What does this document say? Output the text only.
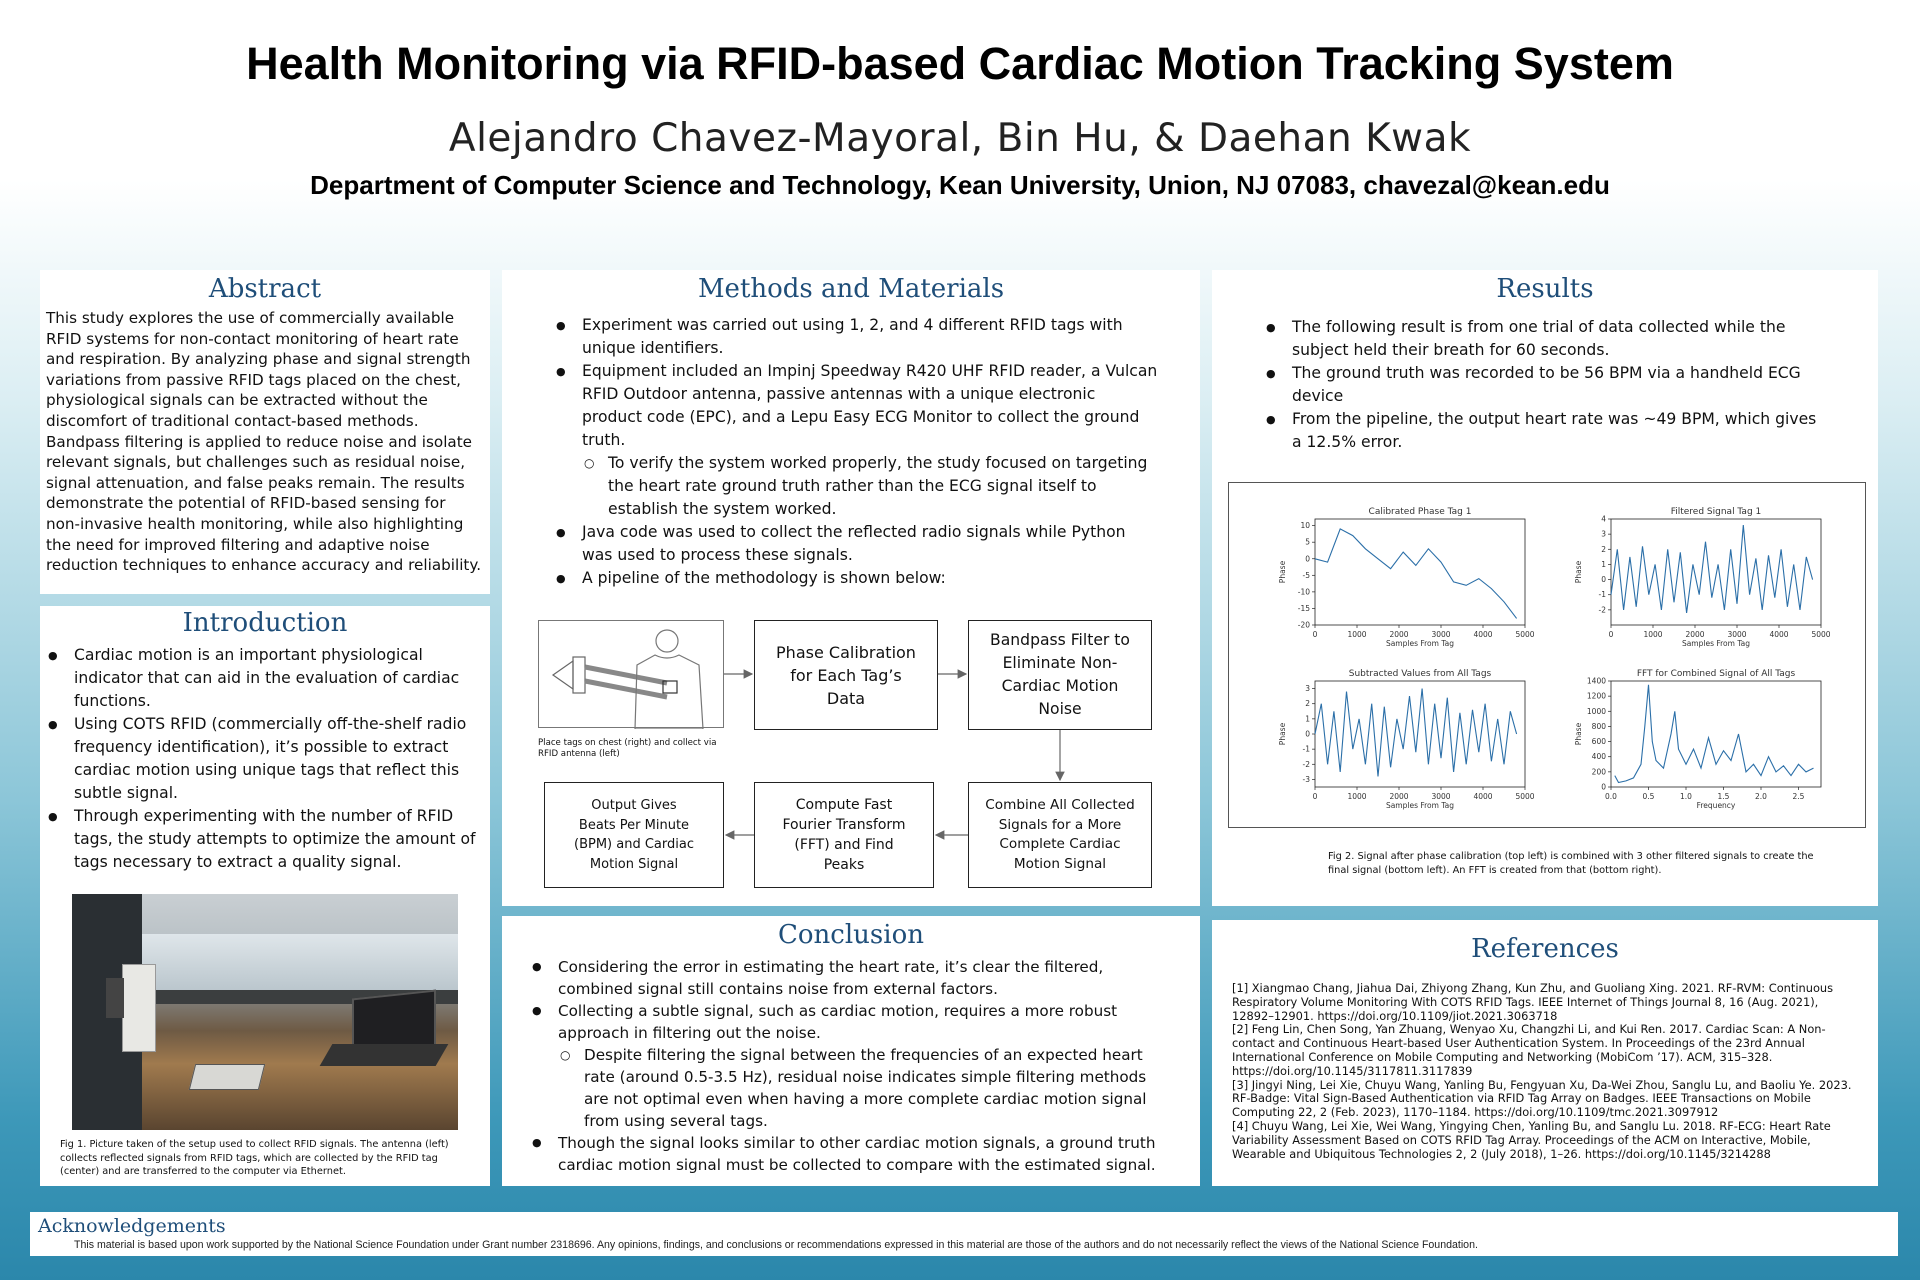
Health Monitoring via RFID-based Cardiac Motion Tracking System
Alejandro Chavez-Mayoral, Bin Hu, & Daehan Kwak
Department of Computer Science and Technology, Kean University, Union, NJ 07083, chavezal@kean.edu
Abstract
This study explores the use of commercially available RFID systems for non-contact monitoring of heart rate and respiration. By analyzing phase and signal strength variations from passive RFID tags placed on the chest, physiological signals can be extracted without the discomfort of traditional contact-based methods. Bandpass filtering is applied to reduce noise and isolate relevant signals, but challenges such as residual noise, signal attenuation, and false peaks remain. The results demonstrate the potential of RFID-based sensing for non-invasive health monitoring, while also highlighting the need for improved filtering and adaptive noise reduction techniques to enhance accuracy and reliability.
Introduction
● Cardiac motion is an important physiological indicator that can aid in the evaluation of cardiac functions.
● Using COTS RFID (commercially off-the-shelf radio frequency identification), it’s possible to extract cardiac motion using unique tags that reflect this subtle signal.
● Through experimenting with the number of RFID tags, the study attempts to optimize the amount of tags necessary to extract a quality signal.
Fig 1. Picture taken of the setup used to collect RFID signals. The antenna (left) collects reflected signals from RFID tags, which are collected by the RFID tag (center) and are transferred to the computer via Ethernet.
Methods and Materials
● Experiment was carried out using 1, 2, and 4 different RFID tags with unique identifiers.
● Equipment included an Impinj Speedway R420 UHF RFID reader, a Vulcan RFID Outdoor antenna, passive antennas with a unique electronic product code (EPC), and a Lepu Easy ECG Monitor to collect the ground truth.
○ To verify the system worked properly, the study focused on targeting the heart rate ground truth rather than the ECG signal itself to establish the system worked.
● Java code was used to collect the reflected radio signals while Python was used to process these signals.
● A pipeline of the methodology is shown below:
Place tags on chest (right) and collect via RFID antenna (left)
Phase Calibration for Each Tag’s Data
Bandpass Filter to Eliminate Non-Cardiac Motion Noise
Combine All Collected Signals for a More Complete Cardiac Motion Signal
Compute Fast Fourier Transform (FFT) and Find Peaks
Output Gives Beats Per Minute (BPM) and Cardiac Motion Signal
Results
● The following result is from one trial of data collected while the subject held their breath for 60 seconds.
● The ground truth was recorded to be 56 BPM via a handheld ECG device
● From the pipeline, the output heart rate was ~49 BPM, which gives a 12.5% error.
Calibrated Phase Tag 1
Samples From Tag
Phase
0	1000	2000	3000	4000	5000
10
5
0
-5
-10
-15
-20
Filtered Signal Tag 1
Samples From Tag
Phase
0	1000	2000	3000	4000	5000
4
3
2
1
0
-1
-2
Subtracted Values from All Tags
Samples From Tag
Phase
0	1000	2000	3000	4000	5000
3
2
1
0
-1
-2
-3
FFT for Combined Signal of All Tags
Frequency
Phase
0.0	0.5	1.0	1.5	2.0	2.5
1400
1200
1000
800
600
400
200
0
Fig 2. Signal after phase calibration (top left) is combined with 3 other filtered signals to create the final signal (bottom left). An FFT is created from that (bottom right).
Conclusion
● Considering the error in estimating the heart rate, it’s clear the filtered, combined signal still contains noise from external factors.
● Collecting a subtle signal, such as cardiac motion, requires a more robust approach in filtering out the noise.
○ Despite filtering the signal between the frequencies of an expected heart rate (around 0.5-3.5 Hz), residual noise indicates simple filtering methods are not optimal even when having a more complete cardiac motion signal from using several tags.
● Though the signal looks similar to other cardiac motion signals, a ground truth cardiac motion signal must be collected to compare with the estimated signal.
References
[1] Xiangmao Chang, Jiahua Dai, Zhiyong Zhang, Kun Zhu, and Guoliang Xing. 2021. RF-RVM: Continuous Respiratory Volume Monitoring With COTS RFID Tags. IEEE Internet of Things Journal 8, 16 (Aug. 2021), 12892–12901. https://doi.org/10.1109/jiot.2021.3063718
[2] Feng Lin, Chen Song, Yan Zhuang, Wenyao Xu, Changzhi Li, and Kui Ren. 2017. Cardiac Scan: A Non-contact and Continuous Heart-based User Authentication System. In Proceedings of the 23rd Annual International Conference on Mobile Computing and Networking (MobiCom ’17). ACM, 315–328. https://doi.org/10.1145/3117811.3117839
[3] Jingyi Ning, Lei Xie, Chuyu Wang, Yanling Bu, Fengyuan Xu, Da-Wei Zhou, Sanglu Lu, and Baoliu Ye. 2023. RF-Badge: Vital Sign-Based Authentication via RFID Tag Array on Badges. IEEE Transactions on Mobile Computing 22, 2 (Feb. 2023), 1170–1184. https://doi.org/10.1109/tmc.2021.3097912
[4] Chuyu Wang, Lei Xie, Wei Wang, Yingying Chen, Yanling Bu, and Sanglu Lu. 2018. RF-ECG: Heart Rate Variability Assessment Based on COTS RFID Tag Array. Proceedings of the ACM on Interactive, Mobile, Wearable and Ubiquitous Technologies 2, 2 (July 2018), 1–26. https://doi.org/10.1145/3214288
Acknowledgements
This material is based upon work supported by the National Science Foundation under Grant number 2318696. Any opinions, findings, and conclusions or recommendations expressed in this material are those of the authors and do not necessarily reflect the views of the National Science Foundation.
